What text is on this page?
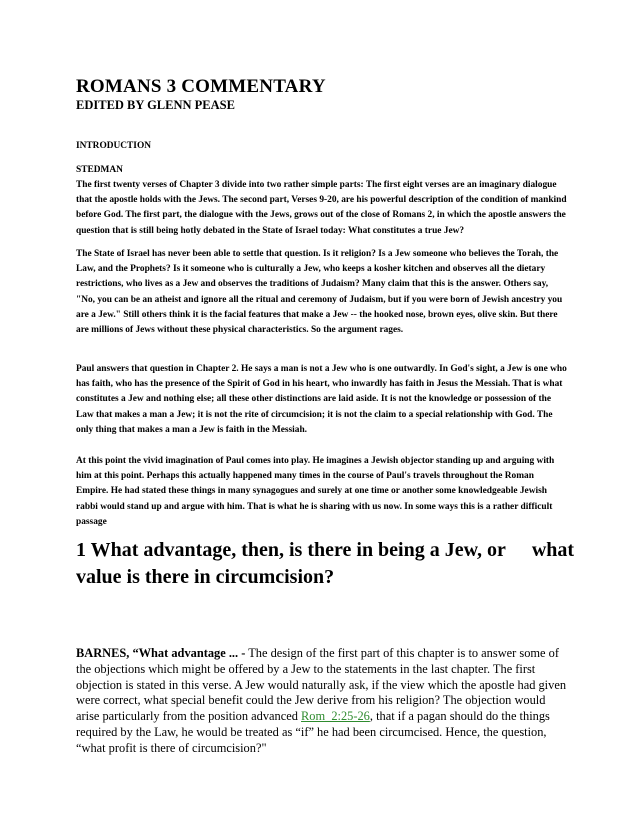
ROMANS 3 COMMENTARY
EDITED BY GLENN PEASE

INTRODUCTION

STEDMAN

The first twenty verses of Chapter 3 divide into two rather simple parts: The first eight verses are an imaginary dialogue that the apostle holds with the Jews. The second part, Verses 9-20, are his powerful description of the condition of mankind before God. The first part, the dialogue with the Jews, grows out of the close of Romans 2, in which the apostle answers the question that is still being hotly debated in the State of Israel today: What constitutes a true Jew?

The State of Israel has never been able to settle that question. Is it religion? Is a Jew someone who believes the Torah, the Law, and the Prophets? Is it someone who is culturally a Jew, who keeps a kosher kitchen and observes all the dietary restrictions, who lives as a Jew and observes the traditions of Judaism? Many claim that this is the answer. Others say, "No, you can be an atheist and ignore all the ritual and ceremony of Judaism, but if you were born of Jewish ancestry you are a Jew." Still others think it is the facial features that make a Jew -- the hooked nose, brown eyes, olive skin. But there are millions of Jews without these physical characteristics. So the argument rages.

Paul answers that question in Chapter 2. He says a man is not a Jew who is one outwardly. In God's sight, a Jew is one who has faith, who has the presence of the Spirit of God in his heart, who inwardly has faith in Jesus the Messiah. That is what constitutes a Jew and nothing else; all these other distinctions are laid aside. It is not the knowledge or possession of the Law that makes a man a Jew; it is not the rite of circumcision; it is not the claim to a special relationship with God. The only thing that makes a man a Jew is faith in the Messiah.

At this point the vivid imagination of Paul comes into play. He imagines a Jewish objector standing up and arguing with him at this point. Perhaps this actually happened many times in the course of Paul's travels throughout the Roman Empire. He had stated these things in many synagogues and surely at one time or another some knowledgeable Jewish rabbi would stand up and argue with him. That is what he is sharing with us now. In some ways this is a rather difficult passage

1 What advantage, then, is there in being a Jew, or what value is there in circumcision?

BARNES, “What advantage ... - The design of the first part of this chapter is to answer some of the objections which might be offered by a Jew to the statements in the last chapter. The first objection is stated in this verse. A Jew would naturally ask, if the view which the apostle had given were correct, what special benefit could the Jew derive from his religion? The objection would arise particularly from the position advanced Rom_2:25-26, that if a pagan should do the things required by the Law, he would be treated as “if” he had been circumcised. Hence, the question, “what profit is there of circumcision?"
